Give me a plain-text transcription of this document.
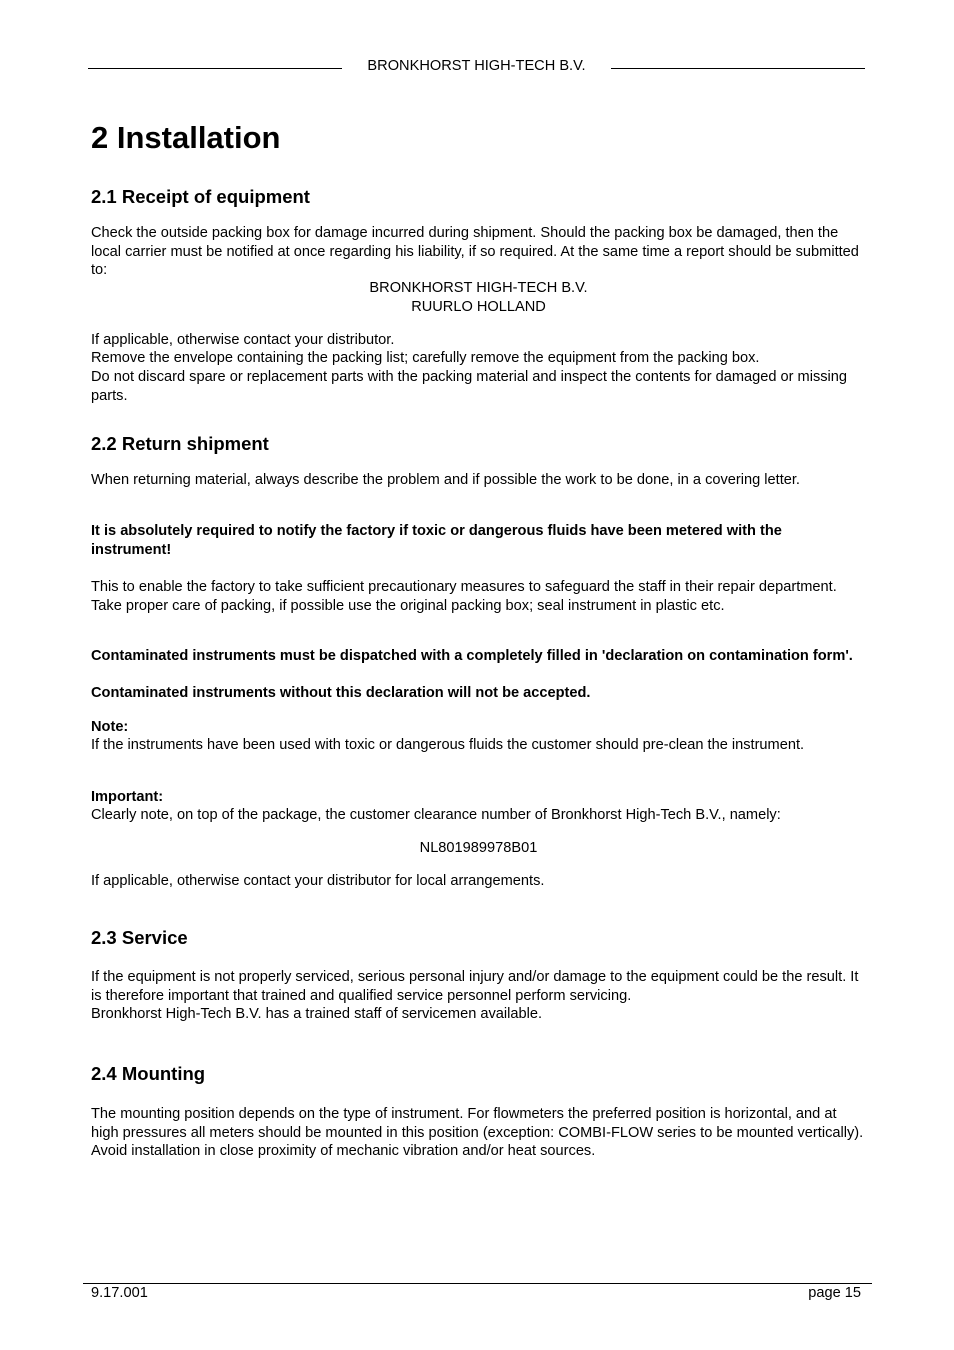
BRONKHORST HIGH-TECH B.V.
2 Installation
2.1 Receipt of equipment

Check the outside packing box for damage incurred during shipment. Should the packing box be damaged, then the local carrier must be notified at once regarding his liability, if so required. At the same time a report should be submitted to:

BRONKHORST HIGH-TECH B.V.

RUURLO HOLLAND

If applicable, otherwise contact your distributor.

Remove the envelope containing the packing list; carefully remove the equipment from the packing box.

Do not discard spare or replacement parts with the packing material and inspect the contents for damaged or missing parts.

2.2 Return shipment

When returning material, always describe the problem and if possible the work to be done, in a covering letter.

It is absolutely required to notify the factory if toxic or dangerous fluids have been metered with the instrument!

This to enable the factory to take sufficient precautionary measures to safeguard the staff in their repair department. Take proper care of packing, if possible use the original packing box; seal instrument in plastic etc.

Contaminated instruments must be dispatched with a completely filled in 'declaration on contamination form'.

Contaminated instruments without this declaration will not be accepted.

Note:

If the instruments have been used with toxic or dangerous fluids the customer should pre-clean the instrument.

Important:

Clearly note, on top of the package, the customer clearance number of Bronkhorst High-Tech B.V., namely:

NL801989978B01

If applicable, otherwise contact your distributor for local arrangements.

2.3 Service

If the equipment is not properly serviced, serious personal injury and/or damage to the equipment could be the result. It is therefore important that trained and qualified service personnel perform servicing.

Bronkhorst High-Tech B.V. has a trained staff of servicemen available.

2.4 Mounting

The mounting position depends on the type of instrument. For flowmeters the preferred position is horizontal, and at high pressures all meters should be mounted in this position (exception: COMBI-FLOW series to be mounted vertically). Avoid installation in close proximity of mechanic vibration and/or heat sources.

9.17.001	page 15
